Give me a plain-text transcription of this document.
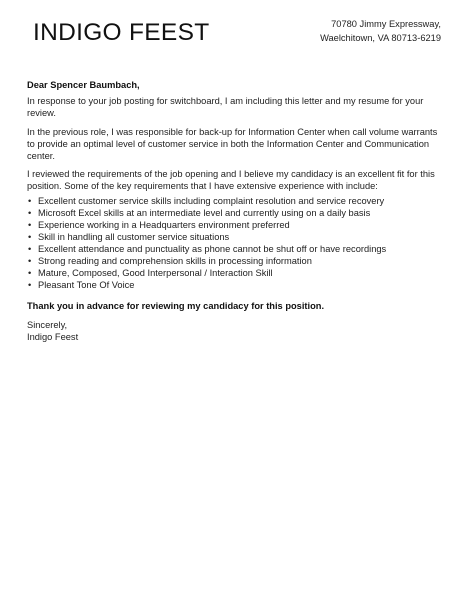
INDIGO FEEST	70780 Jimmy Expressway,
Waelchitown, VA 80713-6219

Dear Spencer Baumbach,

In response to your job posting for switchboard, I am including this letter and my resume for your review.

In the previous role, I was responsible for back-up for Information Center when call volume warrants to provide an optimal level of customer service in both the Information Center and Communication center.

I reviewed the requirements of the job opening and I believe my candidacy is an excellent fit for this position. Some of the key requirements that I have extensive experience with include:

• Excellent customer service skills including complaint resolution and service recovery
• Microsoft Excel skills at an intermediate level and currently using on a daily basis
• Experience working in a Headquarters environment preferred
• Skill in handling all customer service situations
• Excellent attendance and punctuality as phone cannot be shut off or have recordings
• Strong reading and comprehension skills in processing information
• Mature, Composed, Good Interpersonal / Interaction Skill
• Pleasant Tone Of Voice

Thank you in advance for reviewing my candidacy for this position.

Sincerely,

Indigo Feest
